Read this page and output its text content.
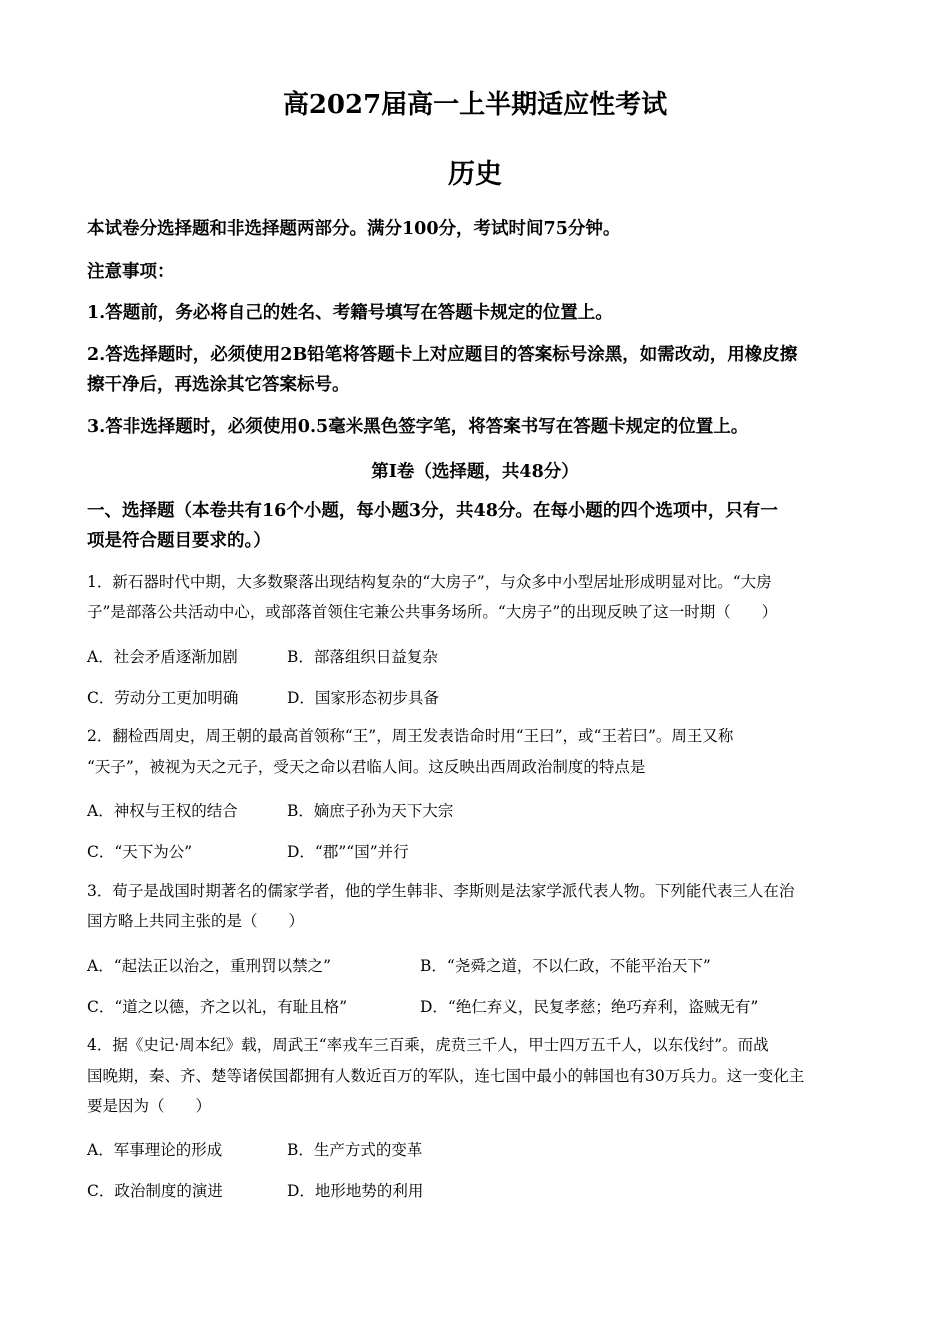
高2027届高一上半期适应性考试
历史
本试卷分选择题和非选择题两部分。满分100分，考试时间75分钟。
注意事项：
1.答题前，务必将自己的姓名、考籍号填写在答题卡规定的位置上。
2.答选择题时，必须使用2B铅笔将答题卡上对应题目的答案标号涂黑，如需改动，用橡皮擦
擦干净后，再选涂其它答案标号。
3.答非选择题时，必须使用0.5毫米黑色签字笔，将答案书写在答题卡规定的位置上。
第Ⅰ卷（选择题，共48分）
一、选择题（本卷共有16个小题，每小题3分，共48分。在每小题的四个选项中，只有一
项是符合题目要求的。）
1．新石器时代中期，大多数聚落出现结构复杂的“大房子”，与众多中小型居址形成明显对比。“大房
子”是部落公共活动中心，或部落首领住宅兼公共事务场所。“大房子”的出现反映了这一时期（　　）
A．社会矛盾逐渐加剧	B．部落组织日益复杂
C．劳动分工更加明确	D．国家形态初步具备
2．翻检西周史，周王朝的最高首领称“王”，周王发表诰命时用“王曰”，或“王若曰”。周王又称
“天子”，被视为天之元子，受天之命以君临人间。这反映出西周政治制度的特点是
A．神权与王权的结合	B．嫡庶子孙为天下大宗
C．“天下为公”	D．“郡”“国”并行
3．荀子是战国时期著名的儒家学者，他的学生韩非、李斯则是法家学派代表人物。下列能代表三人在治
国方略上共同主张的是（　　）
A．“起法正以治之，重刑罚以禁之”	B．“尧舜之道，不以仁政，不能平治天下”
C．“道之以德，齐之以礼，有耻且格”	D．“绝仁弃义，民复孝慈；绝巧弃利，盗贼无有”
4．据《史记·周本纪》载，周武王“率戎车三百乘，虎贲三千人，甲士四万五千人，以东伐纣”。而战
国晚期，秦、齐、楚等诸侯国都拥有人数近百万的军队，连七国中最小的韩国也有30万兵力。这一变化主
要是因为（　　）
A．军事理论的形成	B．生产方式的变革
C．政治制度的演进	D．地形地势的利用
